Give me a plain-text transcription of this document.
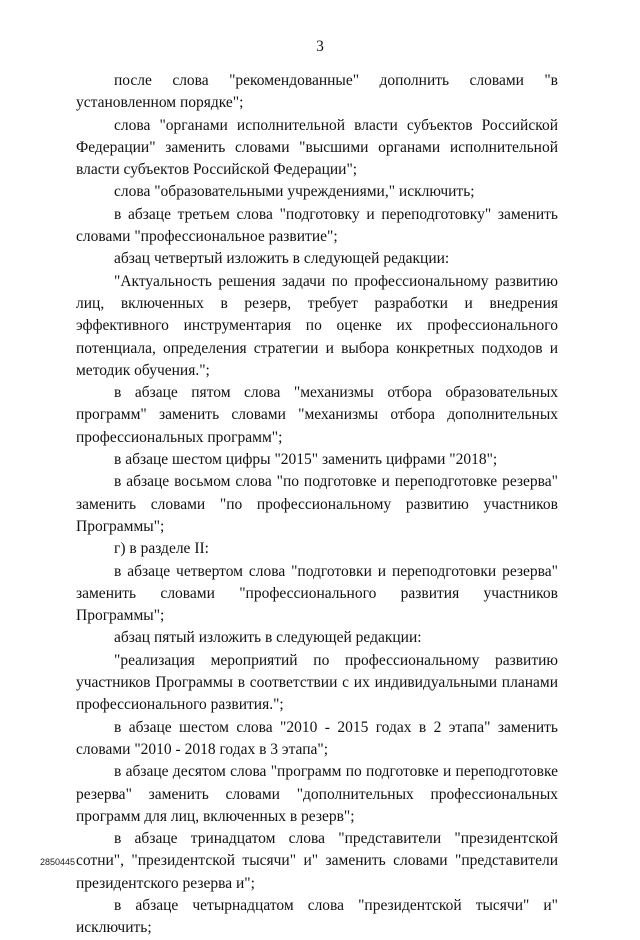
3

после слова "рекомендованные" дополнить словами "в установленном порядке";

слова "органами исполнительной власти субъектов Российской Федерации" заменить словами "высшими органами исполнительной власти субъектов Российской Федерации";

слова "образовательными учреждениями," исключить;

в абзаце третьем слова "подготовку и переподготовку" заменить словами "профессиональное развитие";

абзац четвертый изложить в следующей редакции:

"Актуальность решения задачи по профессиональному развитию лиц, включенных в резерв, требует разработки и внедрения эффективного инструментария по оценке их профессионального потенциала, определения стратегии и выбора конкретных подходов и методик обучения.";

в абзаце пятом слова "механизмы отбора образовательных программ" заменить словами "механизмы отбора дополнительных профессиональных программ";

в абзаце шестом цифры "2015" заменить цифрами "2018";

в абзаце восьмом слова "по подготовке и переподготовке резерва" заменить словами "по профессиональному развитию участников Программы";

г) в разделе II:

в абзаце четвертом слова "подготовки и переподготовки резерва" заменить словами "профессионального развития участников Программы";

абзац пятый изложить в следующей редакции:

"реализация мероприятий по профессиональному развитию участников Программы в соответствии с их индивидуальными планами профессионального развития.";

в абзаце шестом слова "2010 - 2015 годах в 2 этапа" заменить словами "2010 - 2018 годах в 3 этапа";

в абзаце десятом слова "программ по подготовке и переподготовке резерва" заменить словами "дополнительных профессиональных программ для лиц, включенных в резерв";

в абзаце тринадцатом слова "представители "президентской сотни", "президентской тысячи" и" заменить словами "представители президентского резерва и";

в абзаце четырнадцатом слова "президентской тысячи" и" исключить;

2850445
